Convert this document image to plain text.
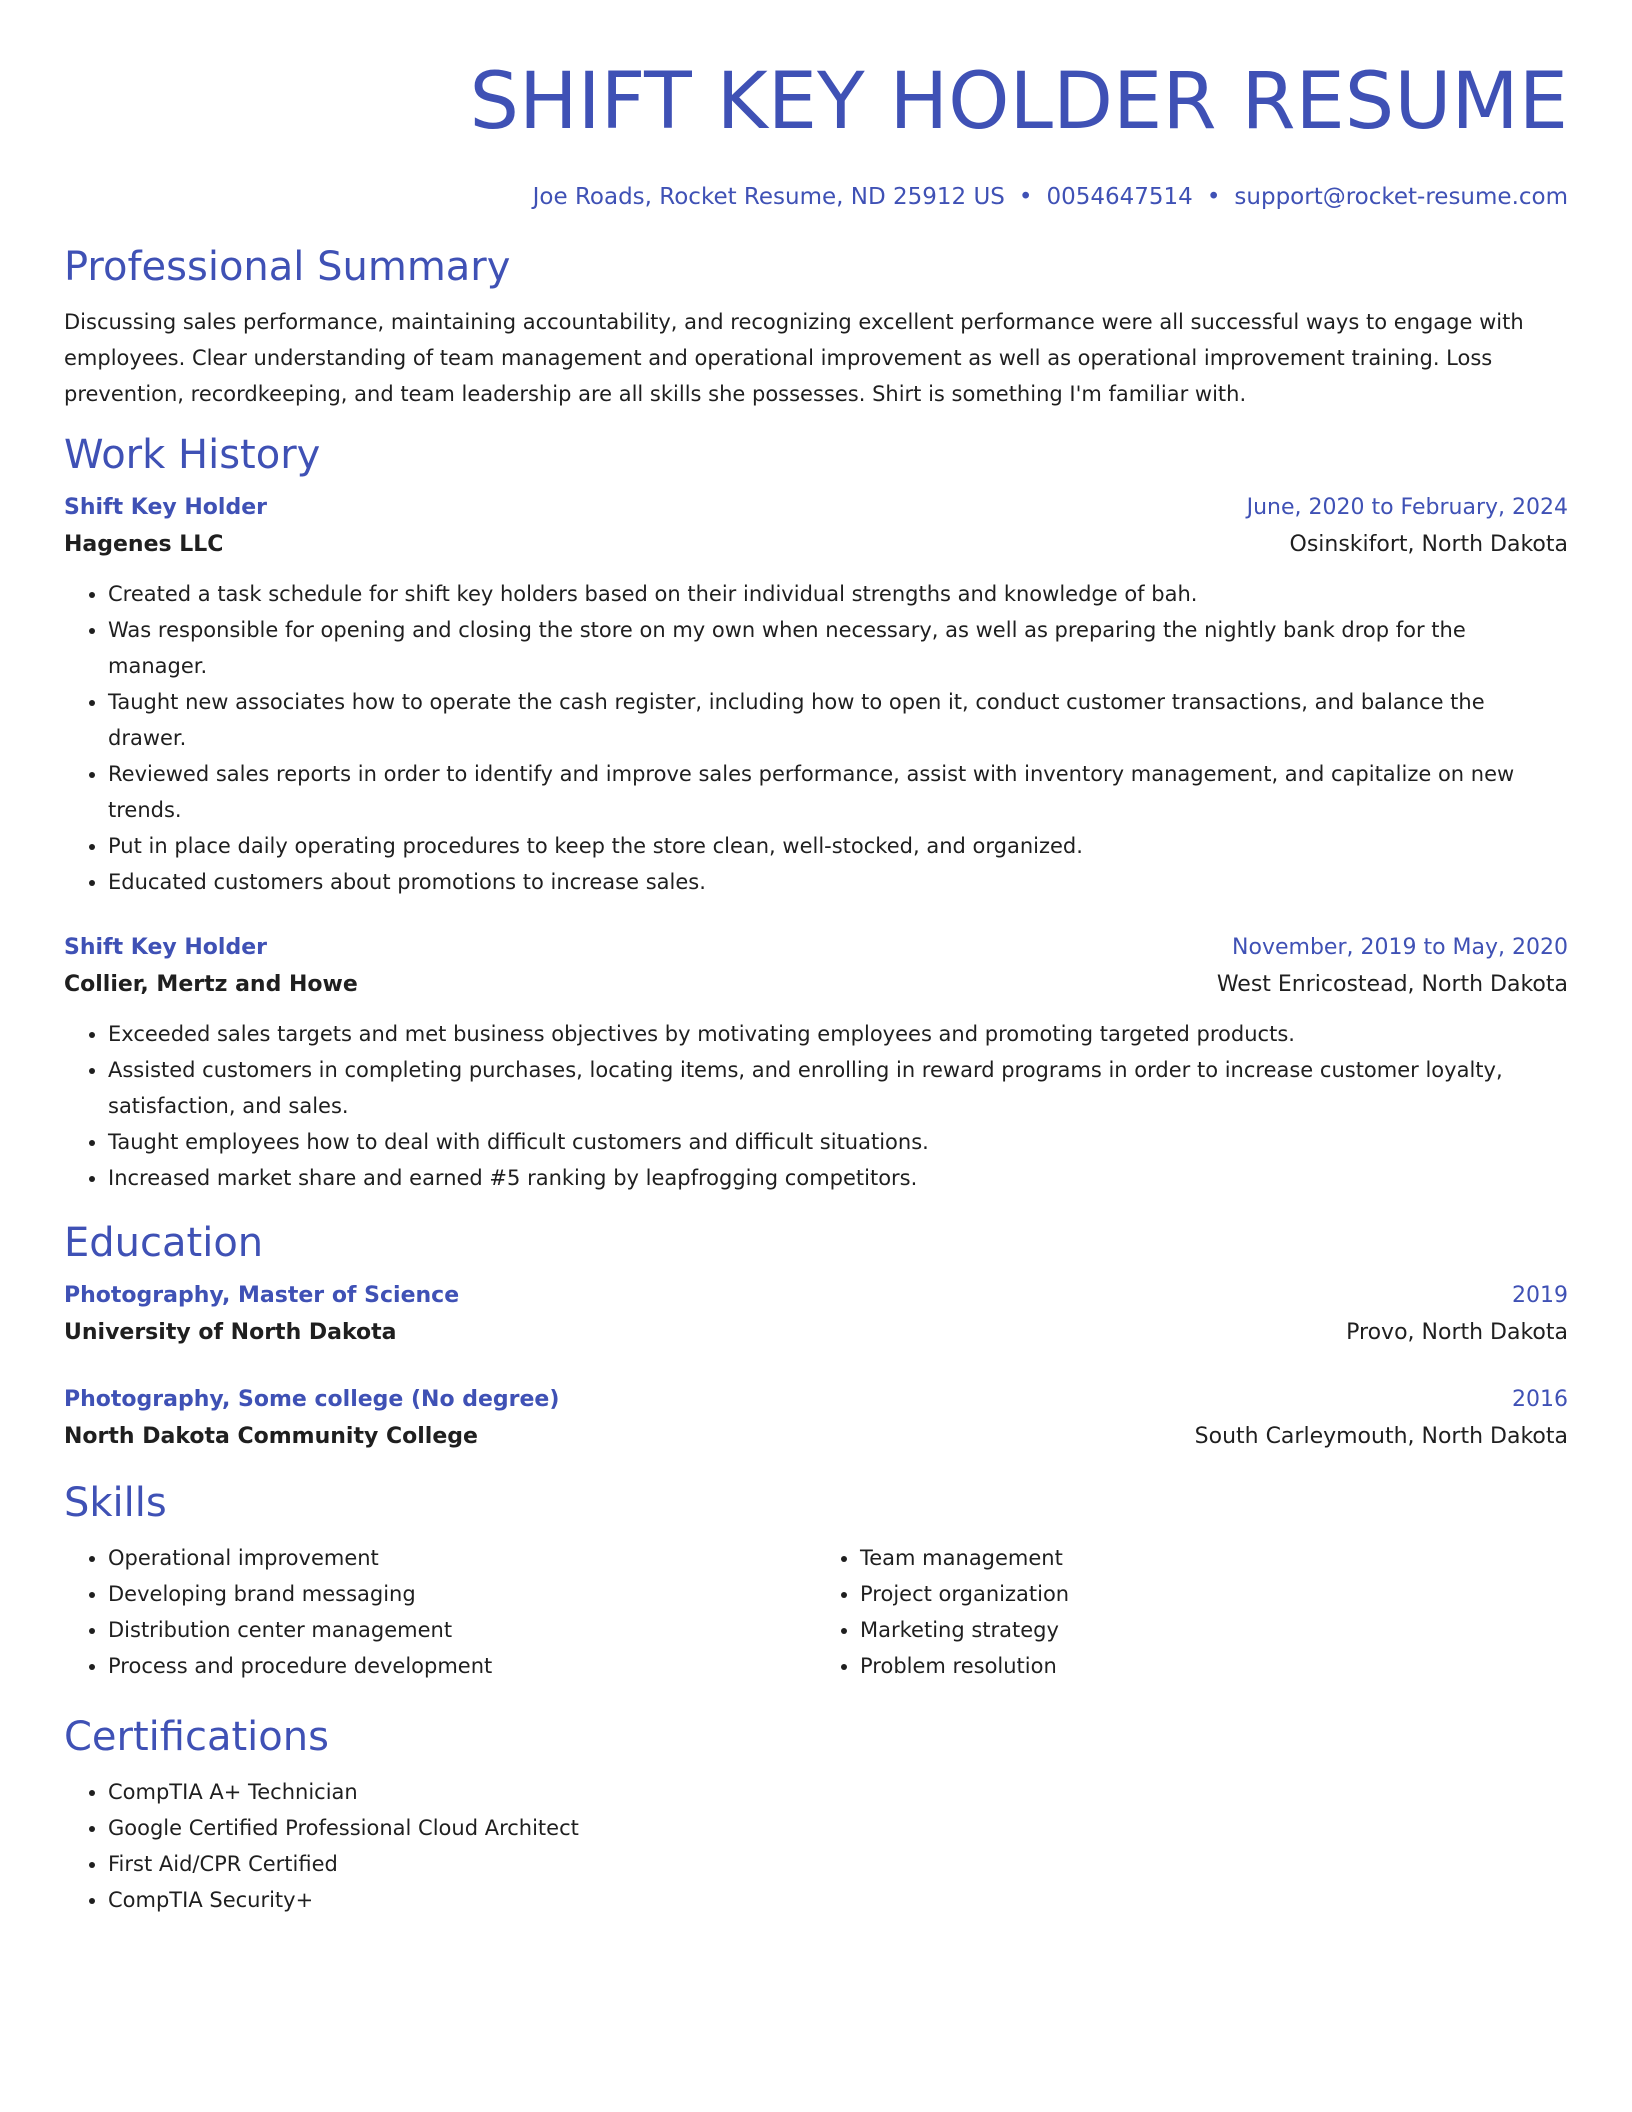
SHIFT KEY HOLDER RESUME
Joe Roads, Rocket Resume, ND 25912 US • 0054647514 • support@rocket-resume.com
Professional Summary

Discussing sales performance, maintaining accountability, and recognizing excellent performance were all successful ways to engage with employees. Clear understanding of team management and operational improvement as well as operational improvement training. Loss prevention, recordkeeping, and team leadership are all skills she possesses. Shirt is something I'm familiar with.

Work History
Shift Key Holder	June, 2020 to February, 2024
Hagenes LLC	Osinskifort, North Dakota
• Created a task schedule for shift key holders based on their individual strengths and knowledge of bah.
• Was responsible for opening and closing the store on my own when necessary, as well as preparing the nightly bank drop for the manager.
• Taught new associates how to operate the cash register, including how to open it, conduct customer transactions, and balance the drawer.
• Reviewed sales reports in order to identify and improve sales performance, assist with inventory management, and capitalize on new trends.
• Put in place daily operating procedures to keep the store clean, well-stocked, and organized.
• Educated customers about promotions to increase sales.
Shift Key Holder	November, 2019 to May, 2020
Collier, Mertz and Howe	West Enricostead, North Dakota
• Exceeded sales targets and met business objectives by motivating employees and promoting targeted products.
• Assisted customers in completing purchases, locating items, and enrolling in reward programs in order to increase customer loyalty, satisfaction, and sales.
• Taught employees how to deal with difficult customers and difficult situations.
• Increased market share and earned #5 ranking by leapfrogging competitors.
Education
Photography, Master of Science	2019
University of North Dakota	Provo, North Dakota
Photography, Some college (No degree)	2016
North Dakota Community College	South Carleymouth, North Dakota
Skills
• Operational improvement
• Developing brand messaging
• Distribution center management
• Process and procedure development
• Team management
• Project organization
• Marketing strategy
• Problem resolution
Certifications
• CompTIA A+ Technician
• Google Certified Professional Cloud Architect
• First Aid/CPR Certified
• CompTIA Security+
